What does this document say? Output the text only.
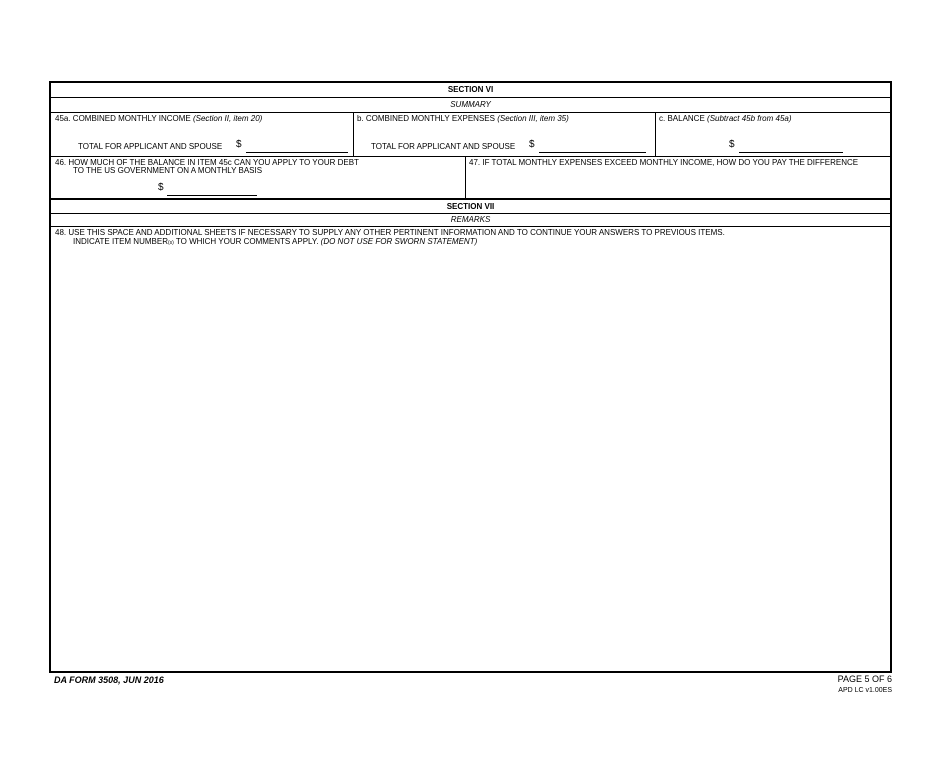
SECTION VI
SUMMARY
45a. COMBINED MONTHLY INCOME (Section II, item 20)
TOTAL FOR APPLICANT AND SPOUSE $
b. COMBINED MONTHLY EXPENSES (Section III, item 35)
TOTAL FOR APPLICANT AND SPOUSE $
c. BALANCE (Subtract 45b from 45a)
$
46. HOW MUCH OF THE BALANCE IN ITEM 45c CAN YOU APPLY TO YOUR DEBT
TO THE US GOVERNMENT ON A MONTHLY BASIS
$
47. IF TOTAL MONTHLY EXPENSES EXCEED MONTHLY INCOME, HOW DO YOU PAY THE DIFFERENCE
SECTION VII
REMARKS
48. USE THIS SPACE AND ADDITIONAL SHEETS IF NECESSARY TO SUPPLY ANY OTHER PERTINENT INFORMATION AND TO CONTINUE YOUR ANSWERS TO PREVIOUS ITEMS.
INDICATE ITEM NUMBER(s) TO WHICH YOUR COMMENTS APPLY. (DO NOT USE FOR SWORN STATEMENT)
DA FORM 3508, JUN 2016	PAGE 5 OF 6
APD LC v1.00ES
